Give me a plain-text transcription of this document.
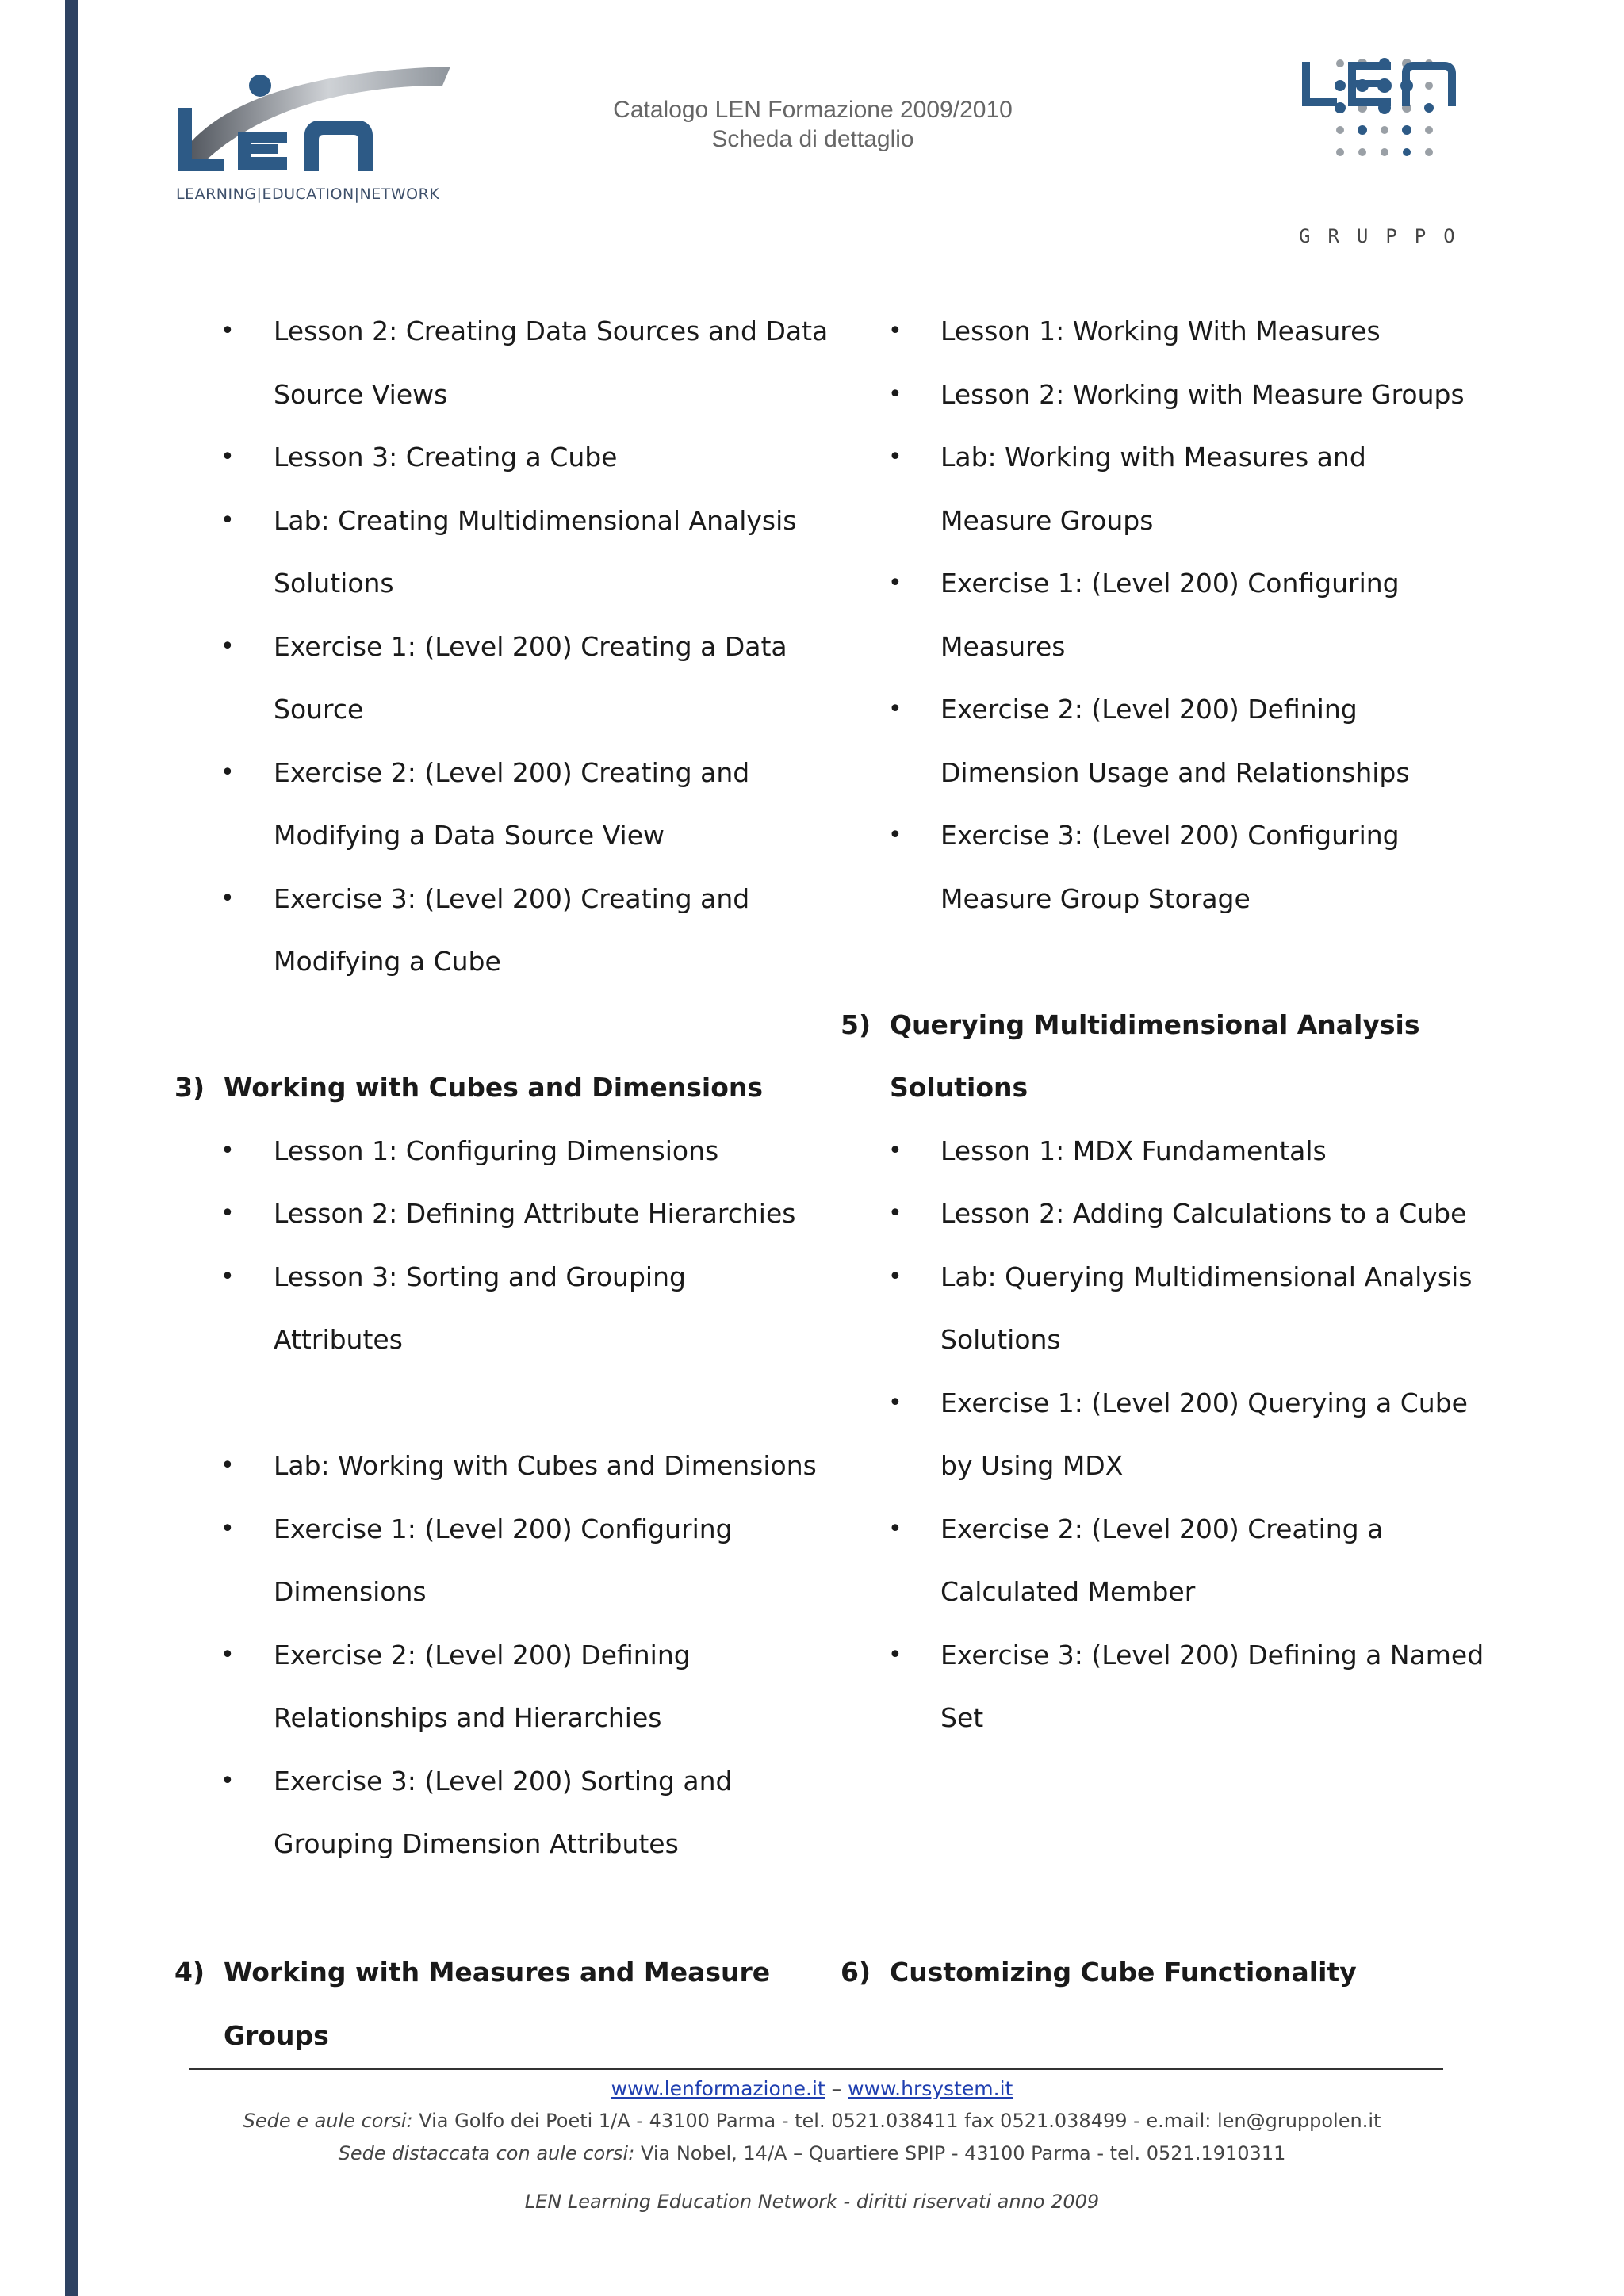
LEARNING|EDUCATION|NETWORK
Catalogo LEN Formazione 2009/2010
Scheda di dettaglio
GRUPPO
• Lesson 2: Creating Data Sources and Data
Source Views
• Lesson 3: Creating a Cube
• Lab: Creating Multidimensional Analysis
Solutions
• Exercise 1: (Level 200) Creating a Data
Source
• Exercise 2: (Level 200) Creating and
Modifying a Data Source View
• Exercise 3: (Level 200) Creating and
Modifying a Cube
3) Working with Cubes and Dimensions
• Lesson 1: Configuring Dimensions
• Lesson 2: Defining Attribute Hierarchies
• Lesson 3: Sorting and Grouping
Attributes
• Lab: Working with Cubes and Dimensions
• Exercise 1: (Level 200) Configuring
Dimensions
• Exercise 2: (Level 200) Defining
Relationships and Hierarchies
• Exercise 3: (Level 200) Sorting and
Grouping Dimension Attributes
4) Working with Measures and Measure
Groups
• Lesson 1: Working With Measures
• Lesson 2: Working with Measure Groups
• Lab: Working with Measures and
Measure Groups
• Exercise 1: (Level 200) Configuring
Measures
• Exercise 2: (Level 200) Defining
Dimension Usage and Relationships
• Exercise 3: (Level 200) Configuring
Measure Group Storage
5) Querying Multidimensional Analysis
Solutions
• Lesson 1: MDX Fundamentals
• Lesson 2: Adding Calculations to a Cube
• Lab: Querying Multidimensional Analysis
Solutions
• Exercise 1: (Level 200) Querying a Cube
by Using MDX
• Exercise 2: (Level 200) Creating a
Calculated Member
• Exercise 3: (Level 200) Defining a Named
Set
6) Customizing Cube Functionality
www.lenformazione.it – www.hrsystem.it
Sede e aule corsi: Via Golfo dei Poeti 1/A - 43100 Parma - tel. 0521.038411 fax 0521.038499 - e.mail: len@gruppolen.it
Sede distaccata con aule corsi: Via Nobel, 14/A – Quartiere SPIP - 43100 Parma - tel. 0521.1910311
LEN Learning Education Network - diritti riservati anno 2009
